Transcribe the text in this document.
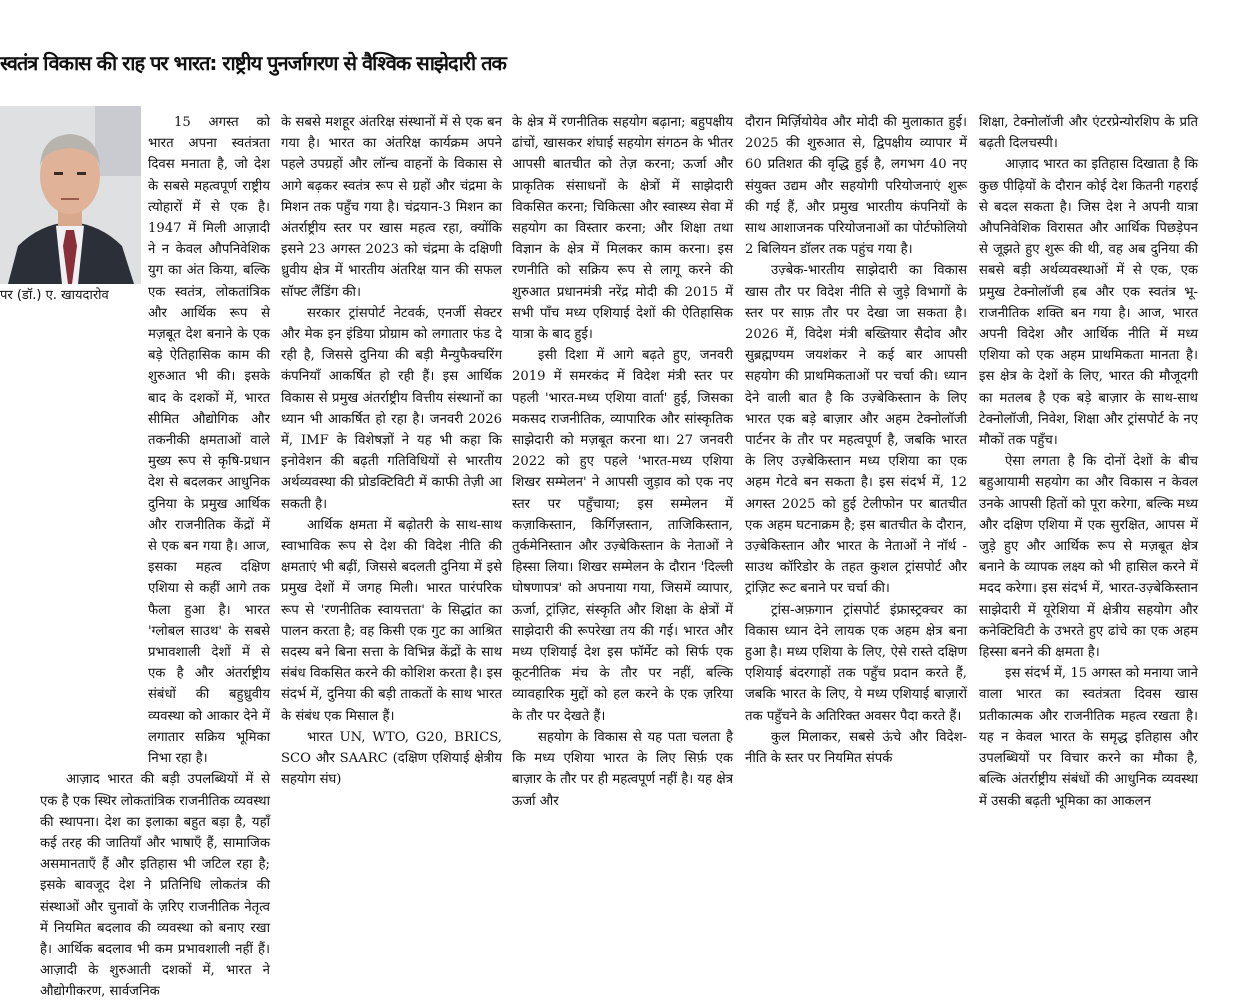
स्वतंत्र विकास की राह पर भारत: राष्ट्रीय पुनर्जागरण से वैश्विक साझेदारी तक
पर (डॉ.) ए. खायदारोव

15 अगस्त को भारत अपना स्वतंत्रता दिवस मनाता है, जो देश के सबसे महत्वपूर्ण राष्ट्रीय त्योहारों में से एक है। 1947 में मिली आज़ादी ने न केवल औपनिवेशिक युग का अंत किया, बल्कि एक स्वतंत्र, लोकतांत्रिक और आर्थिक रूप से मज़बूत देश बनाने के एक बड़े ऐतिहासिक काम की शुरुआत भी की। इसके बाद के दशकों में, भारत सीमित औद्योगिक और तकनीकी क्षमताओं वाले मुख्य रूप से कृषि-प्रधान देश से बदलकर आधुनिक दुनिया के प्रमुख आर्थिक और राजनीतिक केंद्रों में से एक बन गया है। आज, इसका महत्व दक्षिण एशिया से कहीं आगे तक फैला हुआ है। भारत 'ग्लोबल साउथ' के सबसे प्रभावशाली देशों में से एक है और अंतर्राष्ट्रीय संबंधों की बहुध्रुवीय व्यवस्था को आकार देने में लगातार सक्रिय भूमिका निभा रहा है।

आज़ाद भारत की बड़ी उपलब्धियों में से एक है एक स्थिर लोकतांत्रिक राजनीतिक व्यवस्था की स्थापना। देश का इलाका बहुत बड़ा है, यहाँ कई तरह की जातियाँ और भाषाएँ हैं, सामाजिक असमानताएँ हैं और इतिहास भी जटिल रहा है; इसके बावजूद देश ने प्रतिनिधि लोकतंत्र की संस्थाओं और चुनावों के ज़रिए राजनीतिक नेतृत्व में नियमित बदलाव की व्यवस्था को बनाए रखा है। आर्थिक बदलाव भी कम प्रभावशाली नहीं हैं। आज़ादी के शुरुआती दशकों में, भारत ने औद्योगीकरण, सार्वजनिक

के सबसे मशहूर अंतरिक्ष संस्थानों में से एक बन गया है। भारत का अंतरिक्ष कार्यक्रम अपने पहले उपग्रहों और लॉन्च वाहनों के विकास से आगे बढ़कर स्वतंत्र रूप से ग्रहों और चंद्रमा के मिशन तक पहुँच गया है। चंद्रयान-3 मिशन का अंतर्राष्ट्रीय स्तर पर खास महत्व रहा, क्योंकि इसने 23 अगस्त 2023 को चंद्रमा के दक्षिणी ध्रुवीय क्षेत्र में भारतीय अंतरिक्ष यान की सफल सॉफ्ट लैंडिंग की।

सरकार ट्रांसपोर्ट नेटवर्क, एनर्जी सेक्टर और मेक इन इंडिया प्रोग्राम को लगातार फंड दे रही है, जिससे दुनिया की बड़ी मैन्युफैक्चरिंग कंपनियाँ आकर्षित हो रही हैं। इस आर्थिक विकास से प्रमुख अंतर्राष्ट्रीय वित्तीय संस्थानों का ध्यान भी आकर्षित हो रहा है। जनवरी 2026 में, IMF के विशेषज्ञों ने यह भी कहा कि इनोवेशन की बढ़ती गतिविधियों से भारतीय अर्थव्यवस्था की प्रोडक्टिविटी में काफी तेज़ी आ सकती है।

आर्थिक क्षमता में बढ़ोतरी के साथ-साथ स्वाभाविक रूप से देश की विदेश नीति की क्षमताएं भी बढ़ीं, जिससे बदलती दुनिया में इसे प्रमुख देशों में जगह मिली। भारत पारंपरिक रूप से 'रणनीतिक स्वायत्तता' के सिद्धांत का पालन करता है; वह किसी एक गुट का आश्रित सदस्य बने बिना सत्ता के विभिन्न केंद्रों के साथ संबंध विकसित करने की कोशिश करता है। इस संदर्भ में, दुनिया की बड़ी ताकतों के साथ भारत के संबंध एक मिसाल हैं।

भारत UN, WTO, G20, BRICS, SCO और SAARC (दक्षिण एशियाई क्षेत्रीय सहयोग संघ)

के क्षेत्र में रणनीतिक सहयोग बढ़ाना; बहुपक्षीय ढांचों, खासकर शंघाई सहयोग संगठन के भीतर आपसी बातचीत को तेज़ करना; ऊर्जा और प्राकृतिक संसाधनों के क्षेत्रों में साझेदारी विकसित करना; चिकित्सा और स्वास्थ्य सेवा में सहयोग का विस्तार करना; और शिक्षा तथा विज्ञान के क्षेत्र में मिलकर काम करना। इस रणनीति को सक्रिय रूप से लागू करने की शुरुआत प्रधानमंत्री नरेंद्र मोदी की 2015 में सभी पाँच मध्य एशियाई देशों की ऐतिहासिक यात्रा के बाद हुई।

इसी दिशा में आगे बढ़ते हुए, जनवरी 2019 में समरकंद में विदेश मंत्री स्तर पर पहली 'भारत-मध्य एशिया वार्ता' हुई, जिसका मकसद राजनीतिक, व्यापारिक और सांस्कृतिक साझेदारी को मज़बूत करना था। 27 जनवरी 2022 को हुए पहले 'भारत-मध्य एशिया शिखर सम्मेलन' ने आपसी जुड़ाव को एक नए स्तर पर पहुँचाया; इस सम्मेलन में कज़ाकिस्तान, किर्गिज़स्तान, ताजिकिस्तान, तुर्कमेनिस्तान और उज़्बेकिस्तान के नेताओं ने हिस्सा लिया। शिखर सम्मेलन के दौरान 'दिल्ली घोषणापत्र' को अपनाया गया, जिसमें व्यापार, ऊर्जा, ट्रांज़िट, संस्कृति और शिक्षा के क्षेत्रों में साझेदारी की रूपरेखा तय की गई। भारत और मध्य एशियाई देश इस फॉर्मेट को सिर्फ एक कूटनीतिक मंच के तौर पर नहीं, बल्कि व्यावहारिक मुद्दों को हल करने के एक ज़रिया के तौर पर देखते हैं।

सहयोग के विकास से यह पता चलता है कि मध्य एशिया भारत के लिए सिर्फ़ एक बाज़ार के तौर पर ही महत्वपूर्ण नहीं है। यह क्षेत्र ऊर्जा और

दौरान मिर्ज़ियोयेव और मोदी की मुलाकात हुई। 2025 की शुरुआत से, द्विपक्षीय व्यापार में 60 प्रतिशत की वृद्धि हुई है, लगभग 40 नए संयुक्त उद्यम और सहयोगी परियोजनाएं शुरू की गई हैं, और प्रमुख भारतीय कंपनियों के साथ आशाजनक परियोजनाओं का पोर्टफोलियो 2 बिलियन डॉलर तक पहुंच गया है।

उज़्बेक-भारतीय साझेदारी का विकास खास तौर पर विदेश नीति से जुड़े विभागों के स्तर पर साफ़ तौर पर देखा जा सकता है। 2026 में, विदेश मंत्री बख्तियार सैदोव और सुब्रह्मण्यम जयशंकर ने कई बार आपसी सहयोग की प्राथमिकताओं पर चर्चा की। ध्यान देने वाली बात है कि उज़्बेकिस्तान के लिए भारत एक बड़े बाज़ार और अहम टेक्नोलॉजी पार्टनर के तौर पर महत्वपूर्ण है, जबकि भारत के लिए उज़्बेकिस्तान मध्य एशिया का एक अहम गेटवे बन सकता है। इस संदर्भ में, 12 अगस्त 2025 को हुई टेलीफोन पर बातचीत एक अहम घटनाक्रम है; इस बातचीत के दौरान, उज़्बेकिस्तान और भारत के नेताओं ने नॉर्थ - साउथ कॉरिडोर के तहत कुशल ट्रांसपोर्ट और ट्रांज़िट रूट बनाने पर चर्चा की।

ट्रांस-अफ़गान ट्रांसपोर्ट इंफ्रास्ट्रक्चर का विकास ध्यान देने लायक एक अहम क्षेत्र बना हुआ है। मध्य एशिया के लिए, ऐसे रास्ते दक्षिण एशियाई बंदरगाहों तक पहुँच प्रदान करते हैं, जबकि भारत के लिए, ये मध्य एशियाई बाज़ारों तक पहुँचने के अतिरिक्त अवसर पैदा करते हैं।

कुल मिलाकर, सबसे ऊंचे और विदेश-नीति के स्तर पर नियमित संपर्क

शिक्षा, टेक्नोलॉजी और एंटरप्रेन्योरशिप के प्रति बढ़ती दिलचस्पी।

आज़ाद भारत का इतिहास दिखाता है कि कुछ पीढ़ियों के दौरान कोई देश कितनी गहराई से बदल सकता है। जिस देश ने अपनी यात्रा औपनिवेशिक विरासत और आर्थिक पिछड़ेपन से जूझते हुए शुरू की थी, वह अब दुनिया की सबसे बड़ी अर्थव्यवस्थाओं में से एक, एक प्रमुख टेक्नोलॉजी हब और एक स्वतंत्र भू-राजनीतिक शक्ति बन गया है। आज, भारत अपनी विदेश और आर्थिक नीति में मध्य एशिया को एक अहम प्राथमिकता मानता है। इस क्षेत्र के देशों के लिए, भारत की मौजूदगी का मतलब है एक बड़े बाज़ार के साथ-साथ टेक्नोलॉजी, निवेश, शिक्षा और ट्रांसपोर्ट के नए मौकों तक पहुँच।

ऐसा लगता है कि दोनों देशों के बीच बहुआयामी सहयोग का और विकास न केवल उनके आपसी हितों को पूरा करेगा, बल्कि मध्य और दक्षिण एशिया में एक सुरक्षित, आपस में जुड़े हुए और आर्थिक रूप से मज़बूत क्षेत्र बनाने के व्यापक लक्ष्य को भी हासिल करने में मदद करेगा। इस संदर्भ में, भारत-उज़्बेकिस्तान साझेदारी में यूरेशिया में क्षेत्रीय सहयोग और कनेक्टिविटी के उभरते हुए ढांचे का एक अहम हिस्सा बनने की क्षमता है।

इस संदर्भ में, 15 अगस्त को मनाया जाने वाला भारत का स्वतंत्रता दिवस खास प्रतीकात्मक और राजनीतिक महत्व रखता है। यह न केवल भारत के समृद्ध इतिहास और उपलब्धियों पर विचार करने का मौका है, बल्कि अंतर्राष्ट्रीय संबंधों की आधुनिक व्यवस्था में उसकी बढ़ती भूमिका का आकलन
